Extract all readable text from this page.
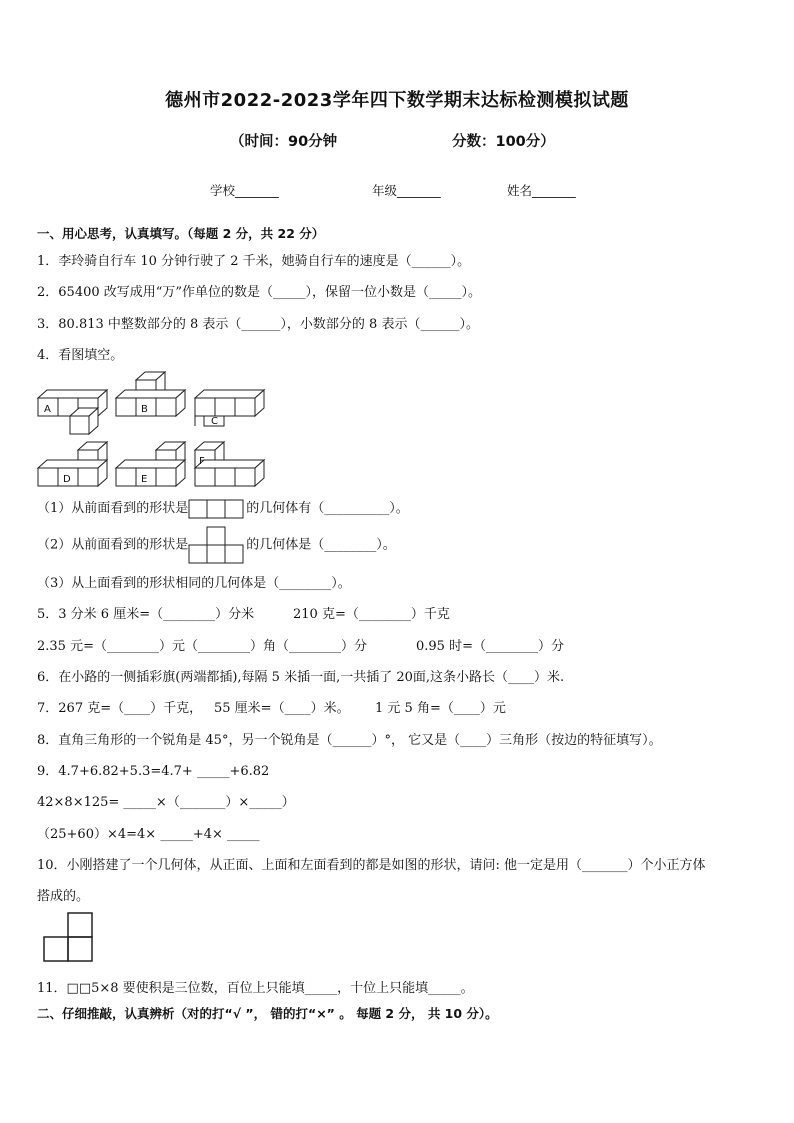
德州市2022-2023学年四下数学期末达标检测模拟试题
（时间：90分钟	分数：100分）
学校_______	年级_______	姓名_______
一、用心思考，认真填写。（每题 2 分，共 22 分）
1．李玲骑自行车 10 分钟行驶了 2 千米，她骑自行车的速度是（______）。
2．65400 改写成用“万”作单位的数是（_____），保留一位小数是（_____）。
3．80.813 中整数部分的 8 表示（______），小数部分的 8 表示（______）。
4．看图填空。
A	B
C
D	E
F
（1）从前面看到的形状是	的几何体有（__________）。
（2）从前面看到的形状是	的几何体是（________）。
（3）从上面看到的形状相同的几何体是（________）。
5．3 分米 6 厘米=（________）分米	210 克=（________）千克
2.35 元=（________）元（________）角（________）分	0.95 时=（________）分
6．在小路的一侧插彩旗(两端都插),每隔 5 米插一面,一共插了 20面,这条小路长（____）米.
7．267 克=（____）千克， 55 厘米=（____）米。 1 元 5 角=（____）元
8．直角三角形的一个锐角是 45°，另一个锐角是（______）°， 它又是（____）三角形（按边的特征填写）。
9．4.7+6.82+5.3=4.7+ _____+6.82
42×8×125= _____×（_______）×_____）
（25+60）×4=4× _____+4× _____
10．小刚搭建了一个几何体，从正面、上面和左面看到的都是如图的形状，请问: 他一定是用（_______）个小正方体
搭成的。
11．□□5×8 要使积是三位数，百位上只能填_____，十位上只能填_____。
二、仔细推敲，认真辨析（对的打“√ ”， 错的打“×” 。 每题 2 分， 共 10 分）。
